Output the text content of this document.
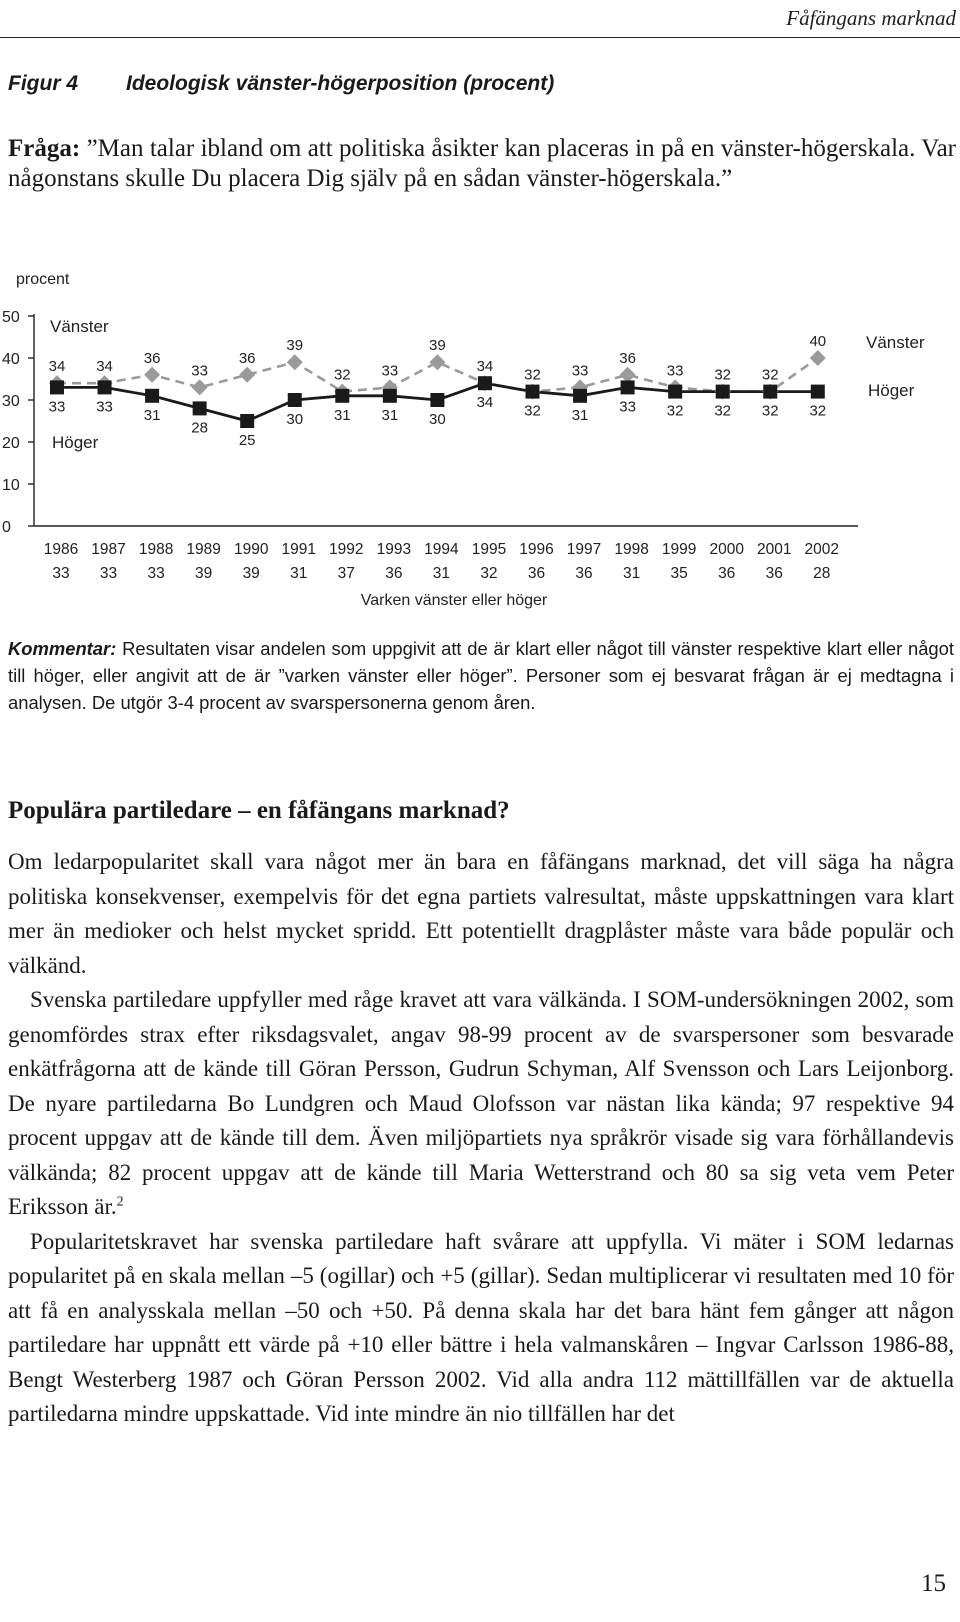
Fåfängans marknad
Figur 4 Ideologisk vänster-högerposition (procent)
Fråga: ”Man talar ibland om att politiska åsikter kan placeras in på en vänster-högerskala. Var någonstans skulle Du placera Dig själv på en sådan vänster-högerskala.”
0
10
20
30
40
50
procent
34
33
34
33
36
31
33
28
36
25
39
30
32
31
33
31
39
30
34
34
32
32
33
31
36
33
33
32
32
32
32
32
40
32
Vänster
Höger
Vänster
Höger
1986 1987 1988 1989 1990 1991 1992 1993 1994 1995 1996 1997 1998 1999 2000 2001 2002
33 33 33 39 39 31 37 36 31 32 36 36 31 35 36 36 28
Varken vänster eller höger
Kommentar: Resultaten visar andelen som uppgivit att de är klart eller något till vänster respektive klart eller något till höger, eller angivit att de är ”varken vänster eller höger”. Personer som ej besvarat frågan är ej medtagna i analysen. De utgör 3-4 procent av svarspersonerna genom åren.
Populära partiledare – en fåfängans marknad?

Om ledarpopularitet skall vara något mer än bara en fåfängans marknad, det vill säga ha några politiska konsekvenser, exempelvis för det egna partiets valresultat, måste uppskattningen vara klart mer än medioker och helst mycket spridd. Ett potentiellt dragplåster måste vara både populär och välkänd.

Svenska partiledare uppfyller med råge kravet att vara välkända. I SOM-undersökningen 2002, som genomfördes strax efter riksdagsvalet, angav 98-99 procent av de svarspersoner som besvarade enkätfrågorna att de kände till Göran Persson, Gudrun Schyman, Alf Svensson och Lars Leijonborg. De nyare partiledarna Bo Lundgren och Maud Olofsson var nästan lika kända; 97 respektive 94 procent uppgav att de kände till dem. Även miljöpartiets nya språkrör visade sig vara förhållandevis välkända; 82 procent uppgav att de kände till Maria Wetterstrand och 80 sa sig veta vem Peter Eriksson är.$^2$

Popularitetskravet har svenska partiledare haft svårare att uppfylla. Vi mäter i SOM ledarnas popularitet på en skala mellan –5 (ogillar) och +5 (gillar). Sedan multiplicerar vi resultaten med 10 för att få en analysskala mellan –50 och +50. På denna skala har det bara hänt fem gånger att någon partiledare har uppnått ett värde på +10 eller bättre i hela valmanskåren – Ingvar Carlsson 1986-88, Bengt Westerberg 1987 och Göran Persson 2002. Vid alla andra 112 mättillfällen var de aktuella partiledarna mindre uppskattade. Vid inte mindre än nio tillfällen har det

15
